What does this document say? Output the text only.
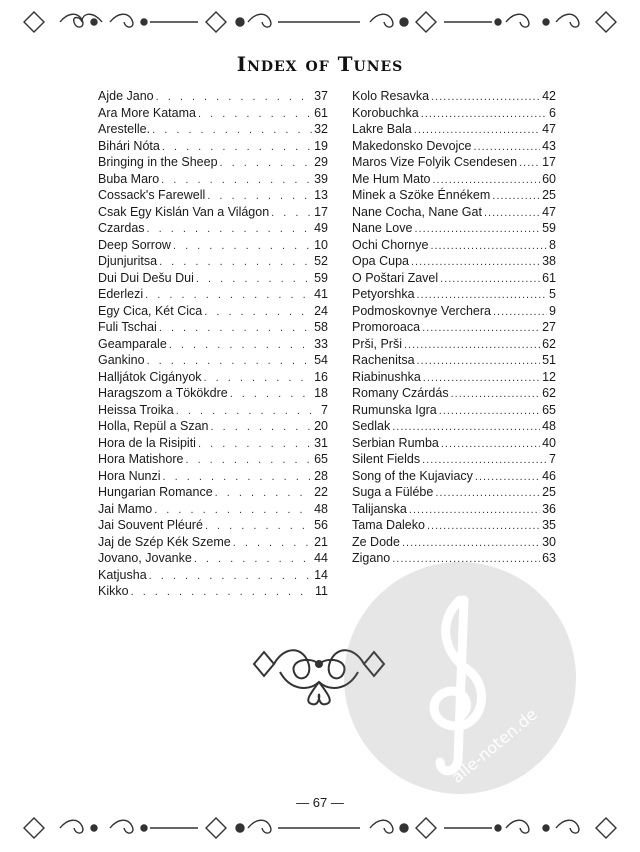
Index of Tunes
Ajde Jano . . .	37
Ara More Katama . . .	61
Arestelle. . . .	32
Bihári Nóta . . .	19
Bringing in the Sheep . . .	29
Buba Maro . . .	39
Cossack's Farewell . . .	13
Csak Egy Kislán Van a Világon . . .	17
Czardas . . .	49
Deep Sorrow . . .	10
Djunjuritsa . . .	52
Dui Dui Dešu Dui . . .	59
Ederlezi . . .	41
Egy Cica, Két Cica . . .	24
Fuli Tschai . . .	58
Geamparale . . .	33
Gankino . . .	54
Halljátok Cigányok . . .	16
Haragszom a Tökökdre . . .	18
Heissa Troika . . .	7
Holla, Repül a Szan . . .	20
Hora de la Risipiti . . .	31
Hora Matishore . . .	65
Hora Nunzi . . .	28
Hungarian Romance . . .	22
Jai Mamo . . .	48
Jai Souvent Pléuré . . .	56
Jaj de Szép Kék Szeme . . .	21
Jovano, Jovanke . . .	44
Katjusha . . .	14
Kikko . . .	11
Kolo Resavka .....	42
Korobuchka .....	6
Lakre Bala .....	47
Makedonsko Devojce .....	43
Maros Vize Folyik Csendesen ..... 17
Me Hum Mato .....	60
Minek a Szöke Énnékem .....	25
Nane Cocha, Nane Gat .....	47
Nane Love .....	59
Ochi Chornye .....	8
Opa Cupa .....	38
O Poštari Zavel .....	61
Petyorshka .....	5
Podmoskovnye Verchera .....	9
Promoroaca .....	27
Prši, Prši .....	62
Rachenitsa .....	51
Riabinushka .....	12
Romany Czárdás .....	62
Rumunska Igra .....	65
Sedlak .....	48
Serbian Rumba .....	40
Silent Fields .....	7
Song of the Kujaviacy .....	46
Suga a Fülébe .....	25
Talijanska .....	36
Tama Daleko .....	35
Ze Dode .....	30
Zigano .....	63
alle-noten.de
— 67 —
